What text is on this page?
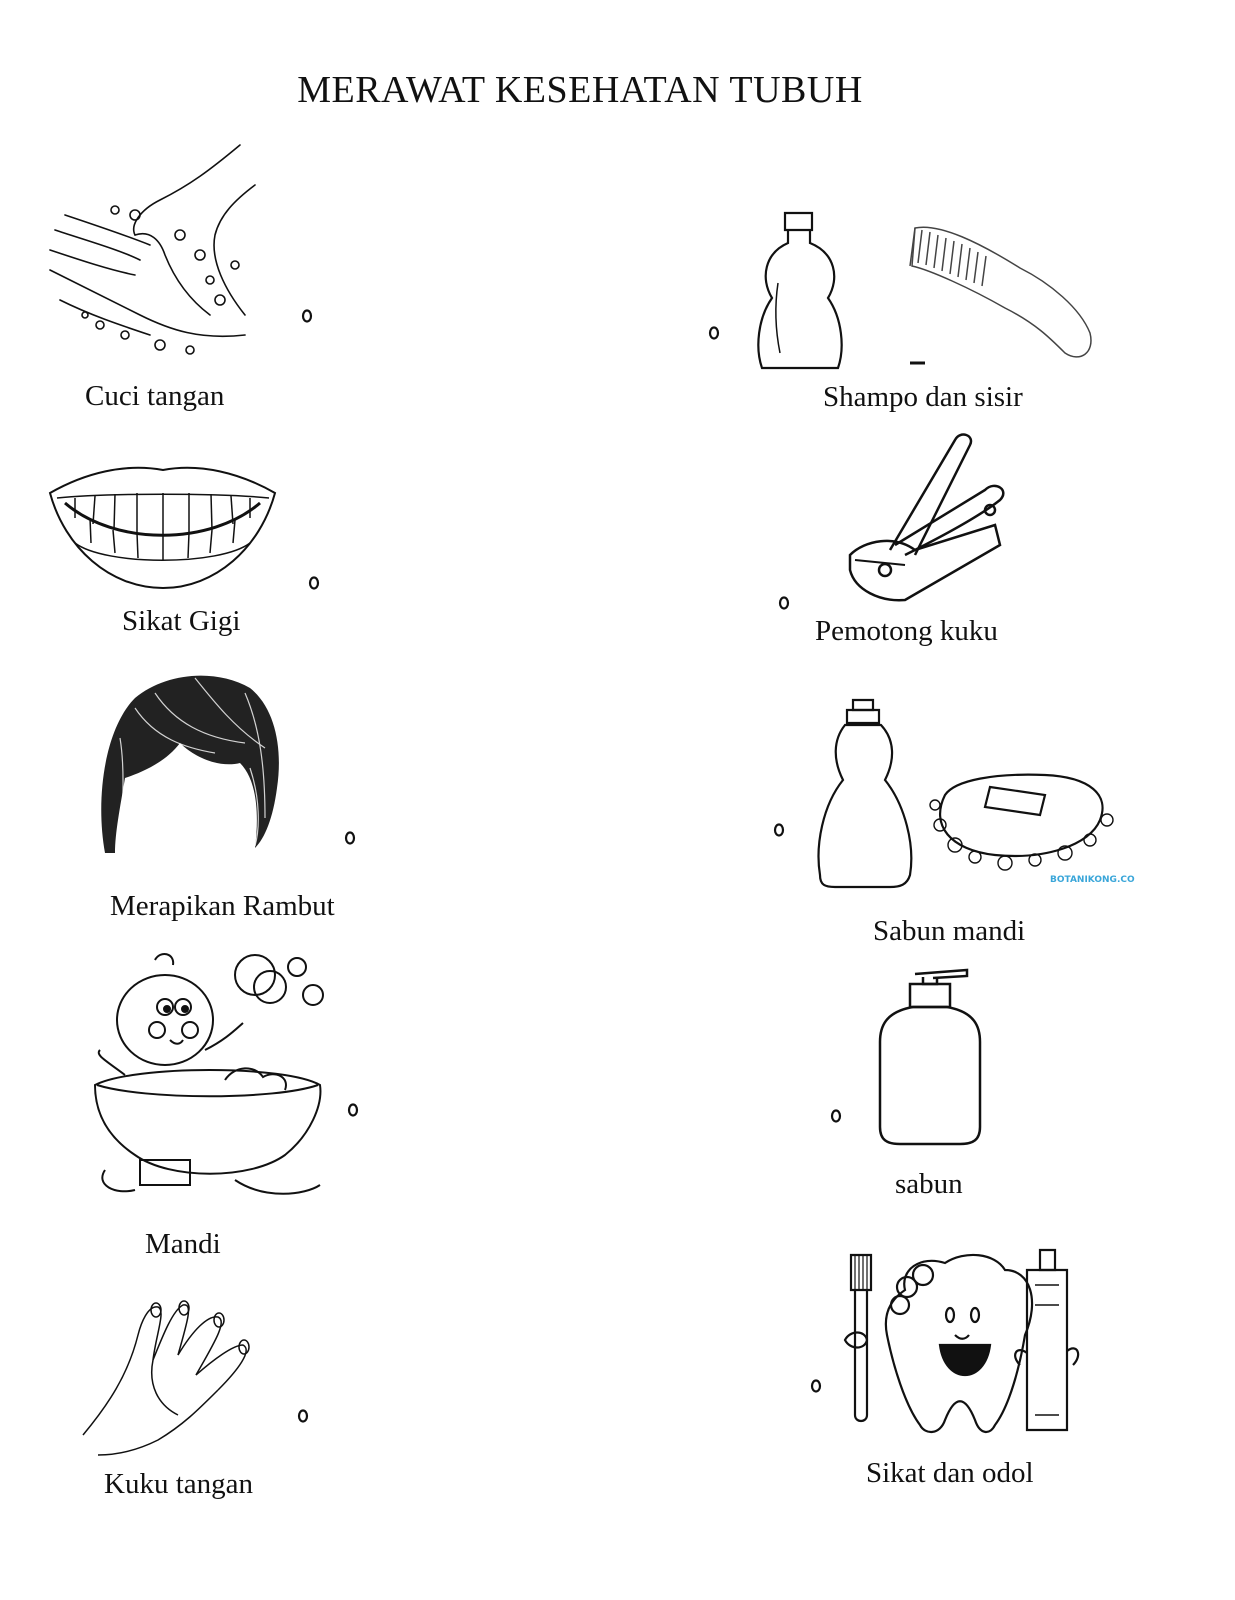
MERAWAT KESEHATAN TUBUH
Cuci tangan
Sikat Gigi
Merapikan Rambut
Mandi
Kuku tangan
Shampo dan sisir
Pemotong kuku
BOTANIKONG.CO
Sabun mandi
sabun
Sikat dan odol
